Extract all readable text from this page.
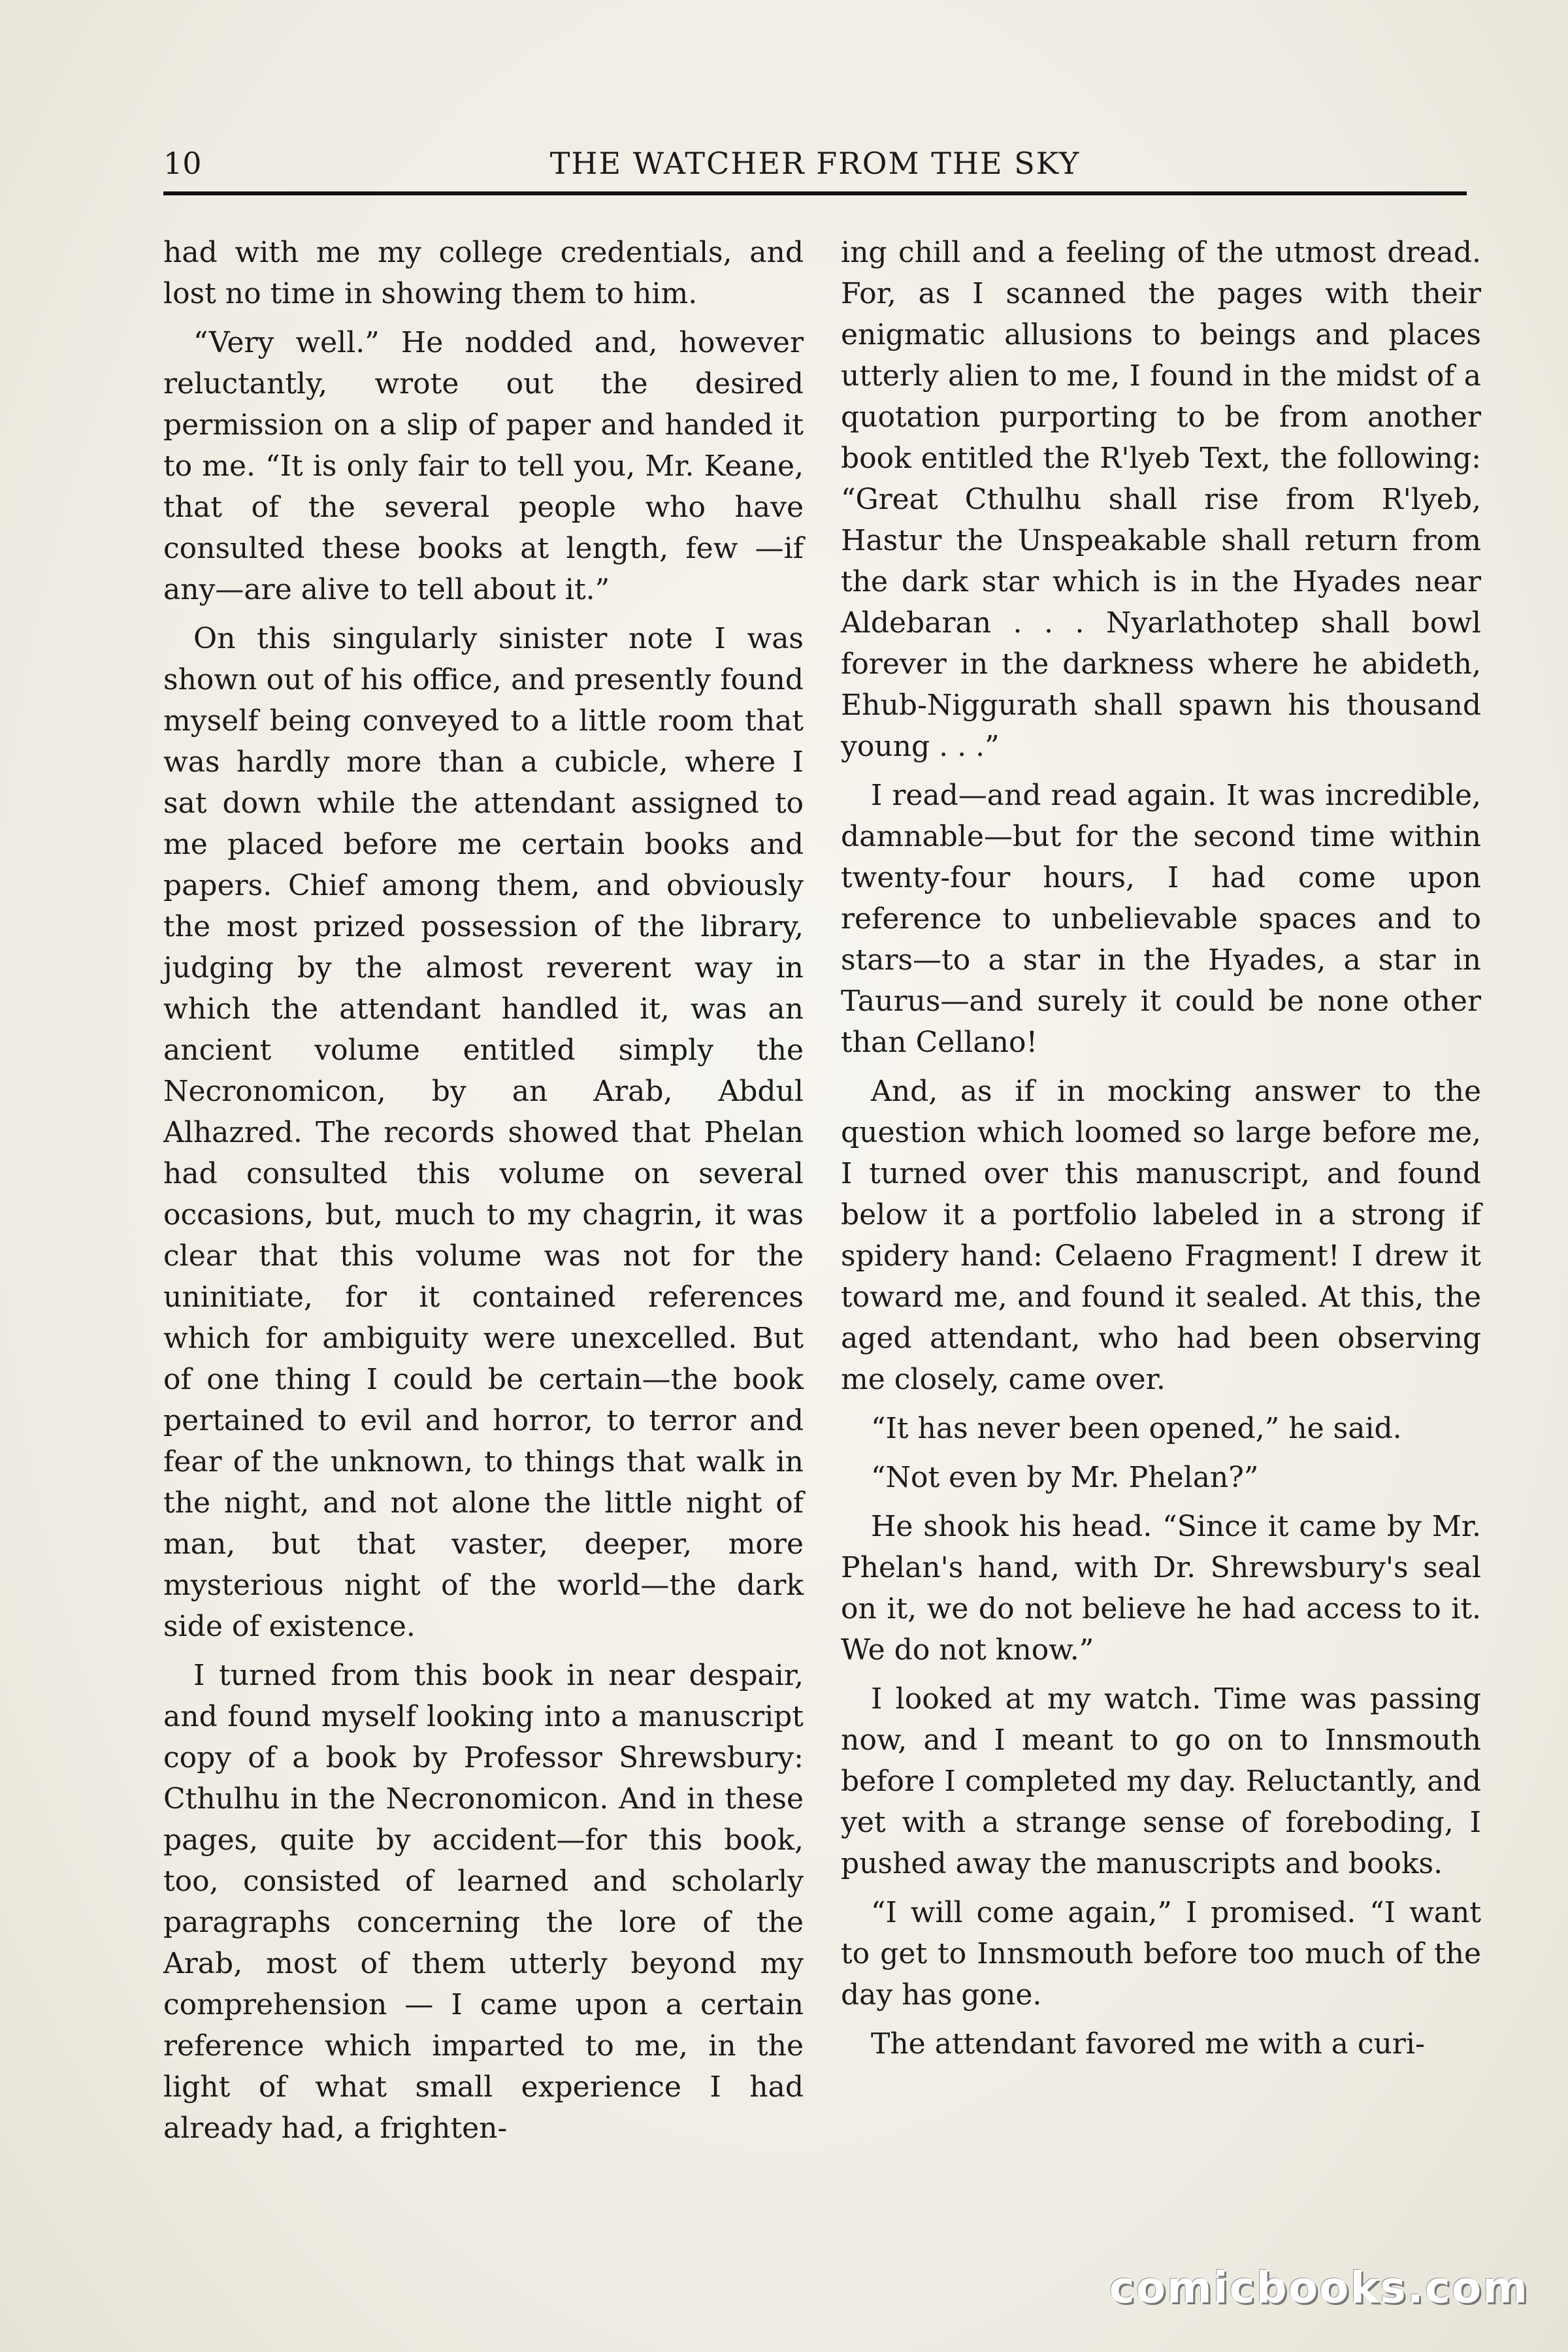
10	THE WATCHER FROM THE SKY

had with me my college credentials, and lost no time in showing them to him.

“Very well.” He nodded and, however reluctantly, wrote out the desired permission on a slip of paper and handed it to me. “It is only fair to tell you, Mr. Keane, that of the several people who have consulted these books at length, few —if any—are alive to tell about it.”

On this singularly sinister note I was shown out of his office, and presently found myself being conveyed to a little room that was hardly more than a cubicle, where I sat down while the attendant assigned to me placed before me certain books and papers. Chief among them, and obviously the most prized possession of the library, judging by the almost reverent way in which the attendant handled it, was an ancient volume entitled simply the Necronomicon, by an Arab, Abdul Alhazred. The records showed that Phelan had consulted this volume on several occasions, but, much to my chagrin, it was clear that this volume was not for the uninitiate, for it contained references which for ambiguity were unexcelled. But of one thing I could be certain—the book pertained to evil and horror, to terror and fear of the unknown, to things that walk in the night, and not alone the little night of man, but that vaster, deeper, more mysterious night of the world—the dark side of existence.

I turned from this book in near despair, and found myself looking into a manuscript copy of a book by Professor Shrewsbury: Cthulhu in the Necronomicon. And in these pages, quite by accident—for this book, too, consisted of learned and scholarly paragraphs concerning the lore of the Arab, most of them utterly beyond my comprehension — I came upon a certain reference which imparted to me, in the light of what small experience I had already had, a frighten-

ing chill and a feeling of the utmost dread. For, as I scanned the pages with their enigmatic allusions to beings and places utterly alien to me, I found in the midst of a quotation purporting to be from another book entitled the R'lyeb Text, the following: “Great Cthulhu shall rise from R'lyeb, Hastur the Unspeakable shall return from the dark star which is in the Hyades near Aldebaran . . . Nyarlathotep shall bowl forever in the darkness where he abideth, Ehub-Niggurath shall spawn his thousand young . . .”

I read—and read again. It was incredible, damnable—but for the second time within twenty-four hours, I had come upon reference to unbelievable spaces and to stars—to a star in the Hyades, a star in Taurus—and surely it could be none other than Cellano!

And, as if in mocking answer to the question which loomed so large before me, I turned over this manuscript, and found below it a portfolio labeled in a strong if spidery hand: Celaeno Fragment! I drew it toward me, and found it sealed. At this, the aged attendant, who had been observing me closely, came over.

“It has never been opened,” he said.

“Not even by Mr. Phelan?”

He shook his head. “Since it came by Mr. Phelan's hand, with Dr. Shrewsbury's seal on it, we do not believe he had access to it. We do not know.”

I looked at my watch. Time was passing now, and I meant to go on to Innsmouth before I completed my day. Reluctantly, and yet with a strange sense of foreboding, I pushed away the manuscripts and books.

“I will come again,” I promised. “I want to get to Innsmouth before too much of the day has gone.

The attendant favored me with a curi-

comicbooks.com
